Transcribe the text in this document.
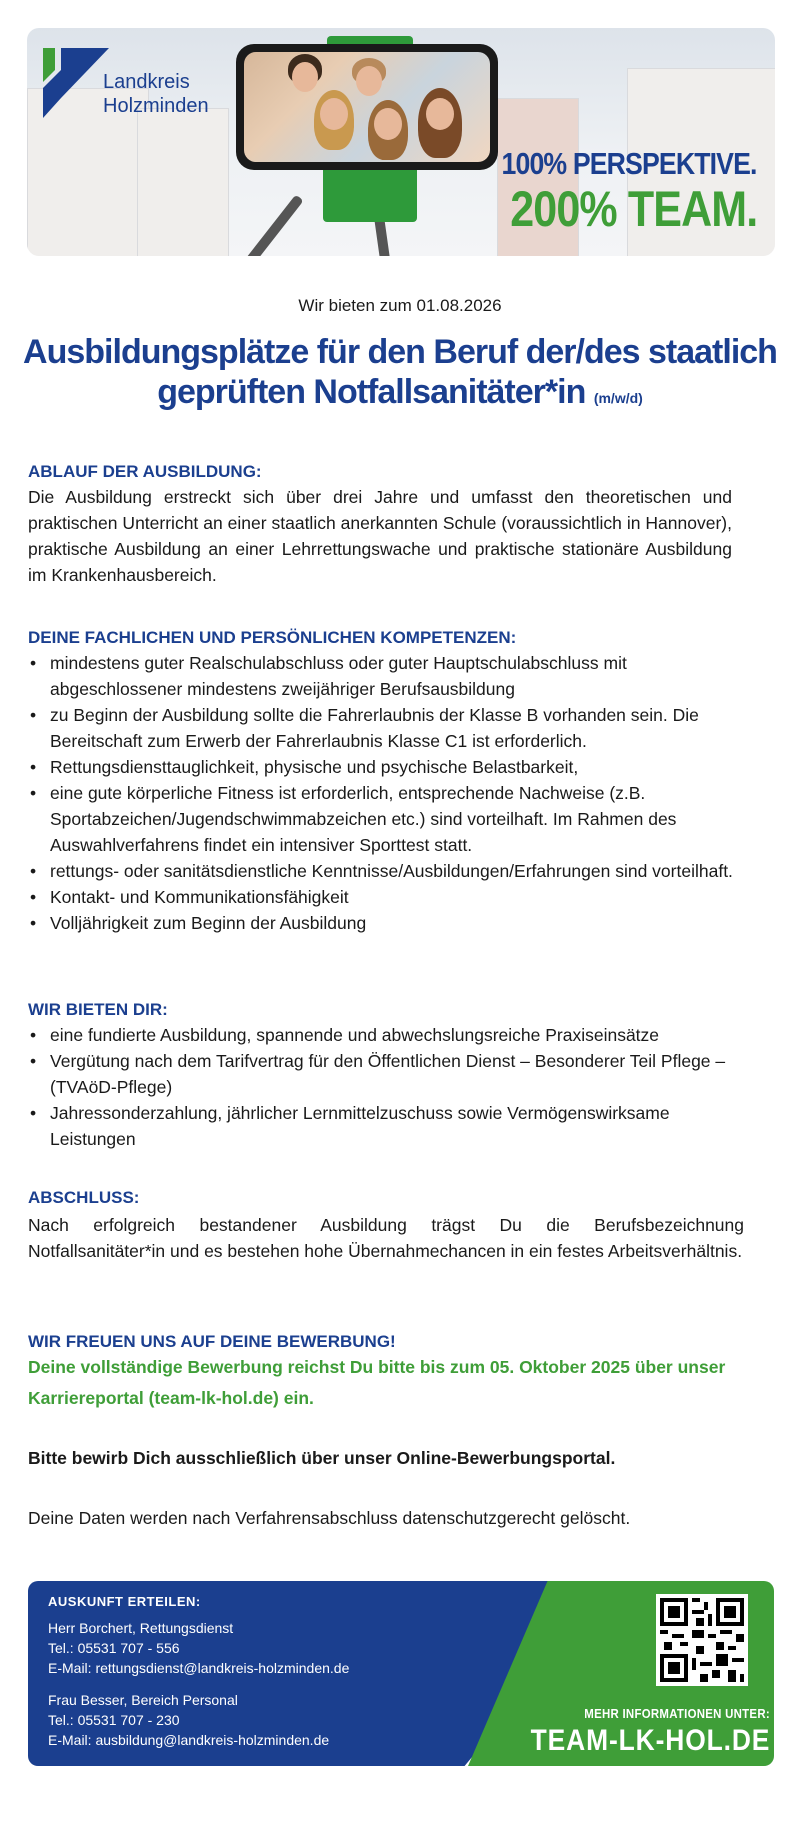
Landkreis
Holzminden
100% PERSPEKTIVE.
200% TEAM.
Wir bieten zum 01.08.2026
Ausbildungsplätze für den Beruf der/des staatlich geprüften Notfallsanitäter*in (m/w/d)
ABLAUF DER AUSBILDUNG:
Die Ausbildung erstreckt sich über drei Jahre und umfasst den theoretischen und praktischen Unterricht an einer staatlich anerkannten Schule (voraussichtlich in Hannover), praktische Ausbildung an einer Lehrrettungswache und praktische stationäre Ausbildung im Krankenhausbereich.
DEINE FACHLICHEN UND PERSÖNLICHEN KOMPETENZEN:
• mindestens guter Realschulabschluss oder guter Hauptschulabschluss mit abgeschlossener mindestens zweijähriger Berufsausbildung
• zu Beginn der Ausbildung sollte die Fahrerlaubnis der Klasse B vorhanden sein. Die Bereitschaft zum Erwerb der Fahrerlaubnis Klasse C1 ist erforderlich.
• Rettungsdiensttauglichkeit, physische und psychische Belastbarkeit,
• eine gute körperliche Fitness ist erforderlich, entsprechende Nachweise (z.B. Sportabzeichen/Jugendschwimmabzeichen etc.) sind vorteilhaft. Im Rahmen des Auswahlverfahrens findet ein intensiver Sporttest statt.
• rettungs- oder sanitätsdienstliche Kenntnisse/Ausbildungen/Erfahrungen sind vorteilhaft.
• Kontakt- und Kommunikationsfähigkeit
• Volljährigkeit zum Beginn der Ausbildung
WIR BIETEN DIR:
• eine fundierte Ausbildung, spannende und abwechslungsreiche Praxiseinsätze
• Vergütung nach dem Tarifvertrag für den Öffentlichen Dienst – Besonderer Teil Pflege – (TVAöD-Pflege)
• Jahressonderzahlung, jährlicher Lernmittelzuschuss sowie Vermögenswirksame Leistungen
ABSCHLUSS:
Nach erfolgreich bestandener Ausbildung trägst Du die Berufsbezeichnung Notfallsanitäter*in und es bestehen hohe Übernahmechancen in ein festes Arbeitsverhältnis.
WIR FREUEN UNS AUF DEINE BEWERBUNG!
Deine vollständige Bewerbung reichst Du bitte bis zum 05. Oktober 2025 über unser Karriereportal (team-lk-hol.de) ein.
Bitte bewirb Dich ausschließlich über unser Online-Bewerbungsportal.
Deine Daten werden nach Verfahrensabschluss datenschutzgerecht gelöscht.
AUSKUNFT ERTEILEN:
Herr Borchert, Rettungsdienst
Tel.: 05531 707 - 556
E-Mail: rettungsdienst@landkreis-holzminden.de
Frau Besser, Bereich Personal
Tel.: 05531 707 - 230
E-Mail: ausbildung@landkreis-holzminden.de
MEHR INFORMATIONEN UNTER:
TEAM-LK-HOL.DE
